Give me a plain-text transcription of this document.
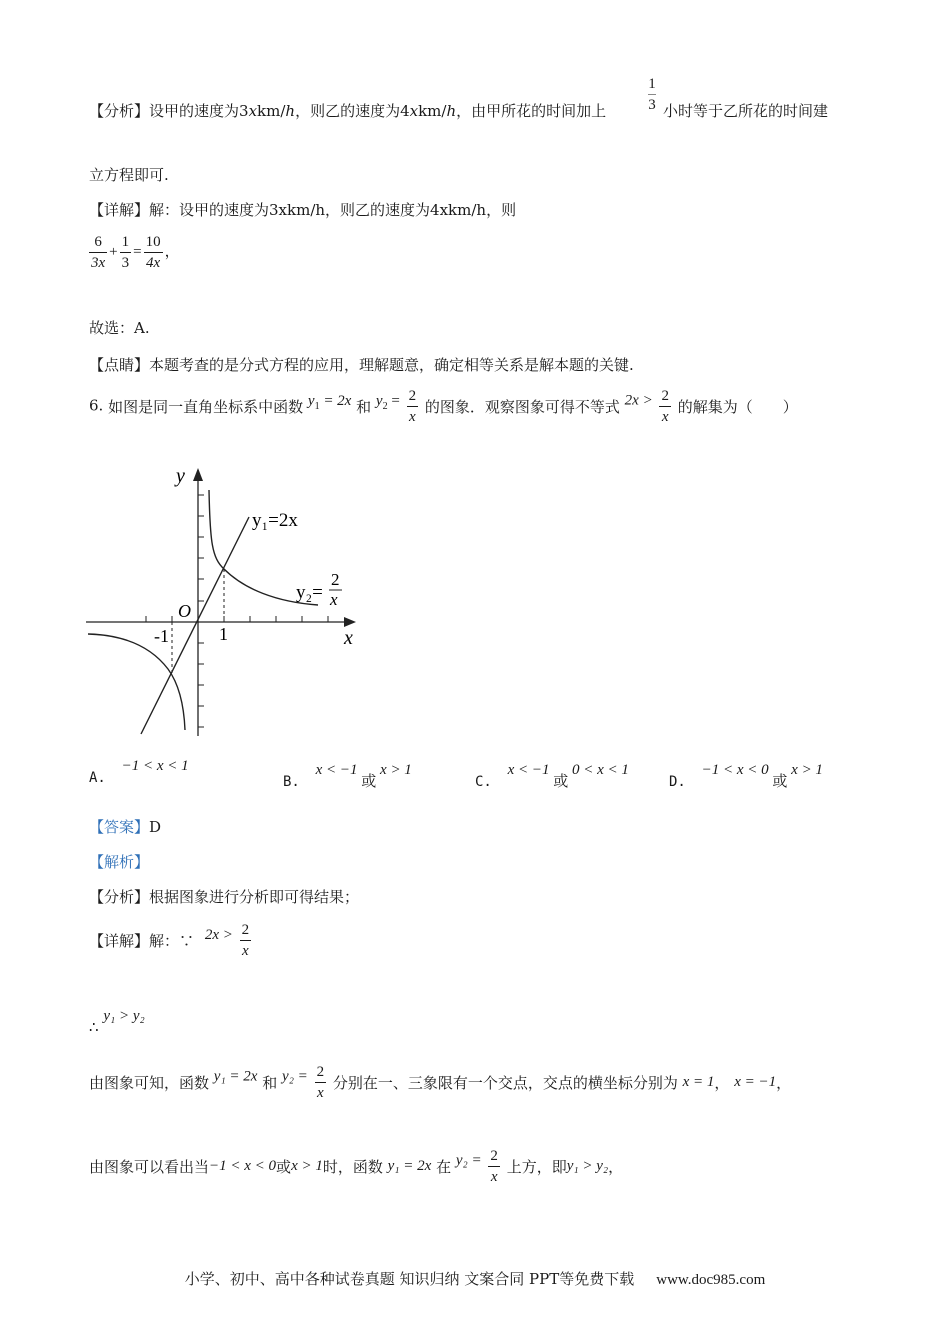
【分析】设甲的速度为3xkm/h，则乙的速度为4xkm/h，由甲所花的时间加上
1
3 小时等于乙所花的时间建
立方程即可.
【详解】解：设甲的速度为3xkm/h，则乙的速度为4xkm/h，则
$\frac{6}{3x} + \frac{1}{3} = \frac{10}{4x}$ ，
故选：A.
【点睛】本题考查的是分式方程的应用，理解题意，确定相等关系是解本题的关键.
6. 如图是同一直角坐标系中函数 $y_1 = 2x$ 和 $y_2 = \frac{2}{x}$ 的图象．观察图象可得不等式 $2x > \frac{2}{x}$ 的解集为（　　）
y
x
O
y₁=2x
y₂=
2
x
-1	1
A. −1 < x < 1
B. x < −1 或 x > 1
C. x < −1 或 0 < x < 1
D. −1 < x < 0 或 x > 1
【答案】D
【解析】
【分析】根据图象进行分析即可得结果；
【详解】解：∵ $2x > \frac{2}{x}$
∴ y₁ > y₂
由图象可知，函数 y₁ = 2x 和 $y_2 = \frac{2}{x}$ 分别在一、三象限有一个交点，交点的横坐标分别为 x = 1， x = −1，
由图象可以看出当−1 < x < 0或x > 1时，函数 y₁ = 2x 在 $y_2 = \frac{2}{x}$ 上方，即y₁ > y₂，
小学、初中、高中各种试卷真题 知识归纳 文案合同 PPT等免费下载 www.doc985.com
